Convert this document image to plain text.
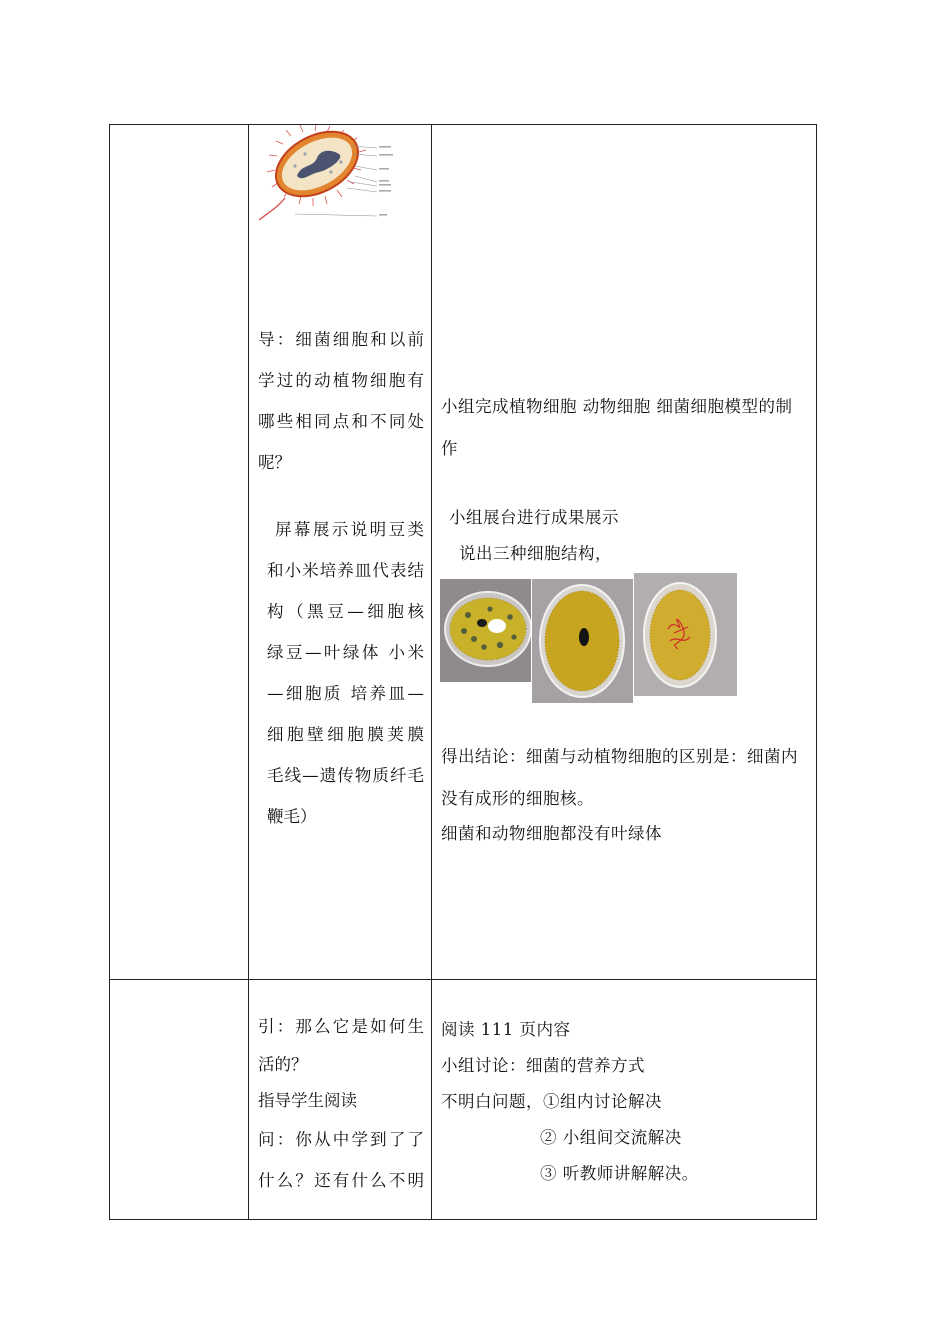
导：细菌细胞和以前
学过的动植物细胞有
哪些相同点和不同处
呢？
屏幕展示说明豆类
和小米培养皿代表结
构（黑豆—细胞核
绿豆—叶绿体 小米
—细胞质 培养皿—
细胞壁细胞膜荚膜
毛线—遗传物质纤毛
鞭毛）
小组完成植物细胞 动物细胞 细菌细胞模型的制
作
小组展台进行成果展示
说出三种细胞结构，
得出结论：细菌与动植物细胞的区别是：细菌内
没有成形的细胞核。
细菌和动物细胞都没有叶绿体
引：那么它是如何生
活的？
指导学生阅读
问：你从中学到了了
什么？还有什么不明
阅读 111 页内容
小组讨论：细菌的营养方式
不明白问题，①组内讨论解决
② 小组间交流解决
③ 听教师讲解解决。
